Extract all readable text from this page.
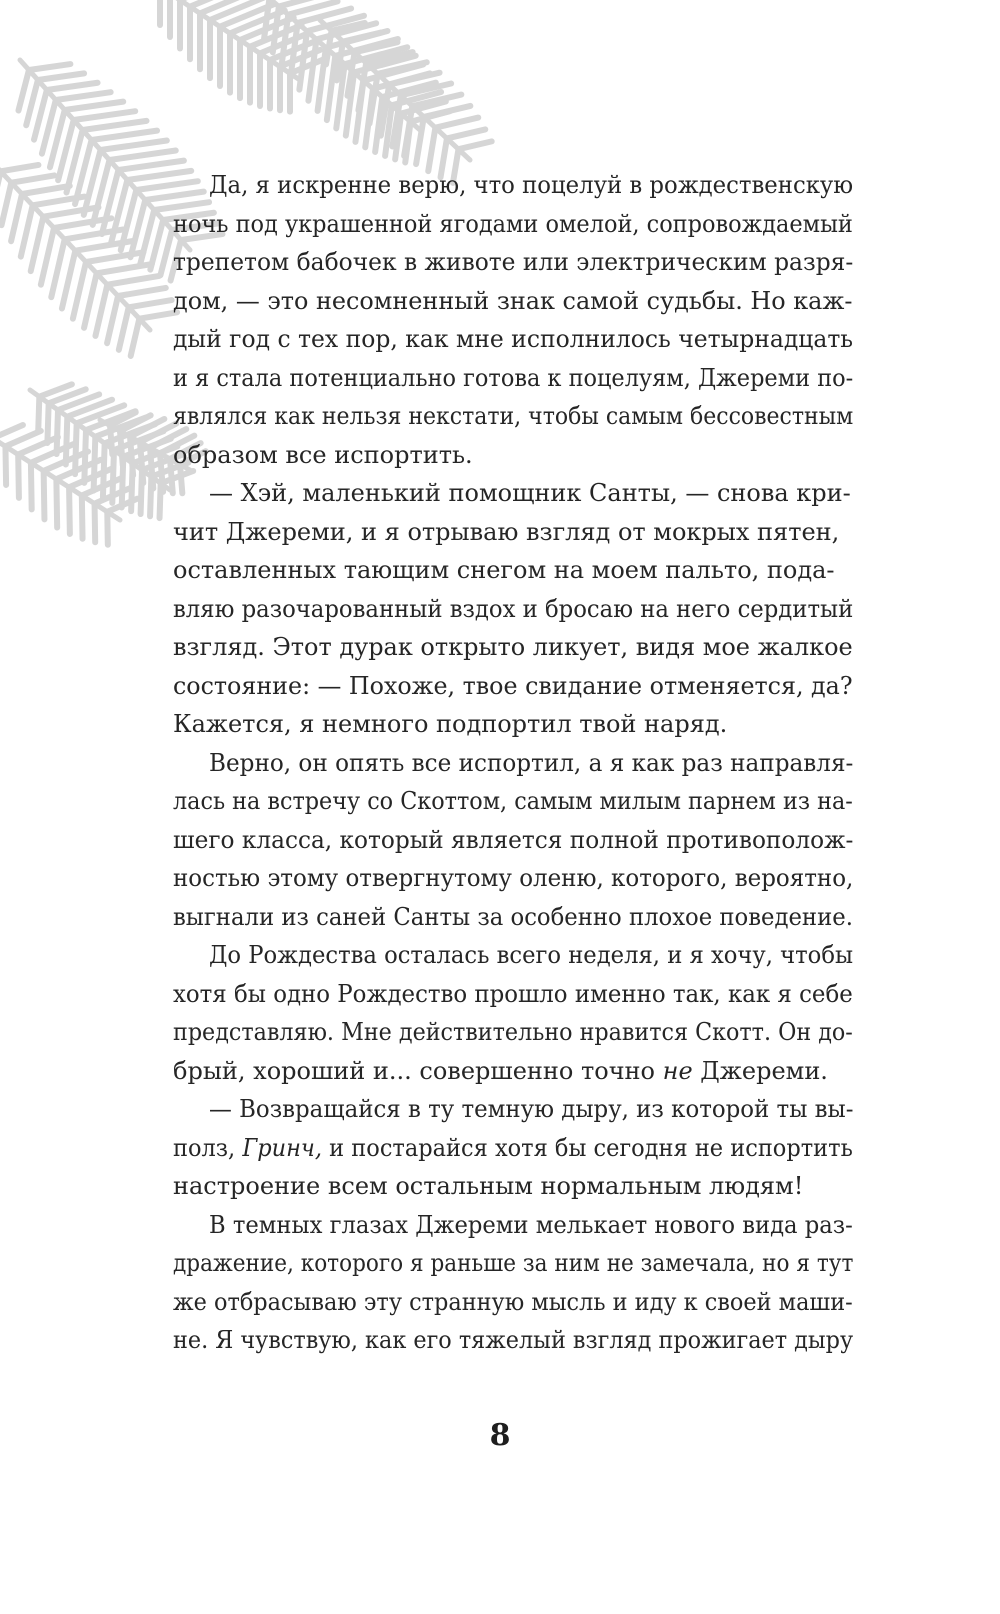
Да, я искренне верю, что поцелуй в рождественскую
ночь под украшенной ягодами омелой, сопровождаемый
трепетом бабочек в животе или электрическим разря-
дом, — это несомненный знак самой судьбы. Но каж-
дый год с тех пор, как мне исполнилось четырнадцать
и я стала потенциально готова к поцелуям, Джереми по-
являлся как нельзя некстати, чтобы самым бессовестным
образом все испортить.
— Хэй, маленький помощник Санты, — снова кри-
чит Джереми, и я отрываю взгляд от мокрых пятен,
оставленных тающим снегом на моем пальто, пода-
вляю разочарованный вздох и бросаю на него сердитый
взгляд. Этот дурак открыто ликует, видя мое жалкое
состояние: — Похоже, твое свидание отменяется, да?
Кажется, я немного подпортил твой наряд.
Верно, он опять все испортил, а я как раз направля-
лась на встречу со Скоттом, самым милым парнем из на-
шего класса, который является полной противополож-
ностью этому отвергнутому оленю, которого, вероятно,
выгнали из саней Санты за особенно плохое поведение.
До Рождества осталась всего неделя, и я хочу, чтобы
хотя бы одно Рождество прошло именно так, как я себе
представляю. Мне действительно нравится Скотт. Он до-
брый, хороший и... совершенно точно не Джереми.
— Возвращайся в ту темную дыру, из которой ты вы-
полз, Гринч, и постарайся хотя бы сегодня не испортить
настроение всем остальным нормальным людям!
В темных глазах Джереми мелькает нового вида раз-
дражение, которого я раньше за ним не замечала, но я тут
же отбрасываю эту странную мысль и иду к своей маши-
не. Я чувствую, как его тяжелый взгляд прожигает дыру
8
